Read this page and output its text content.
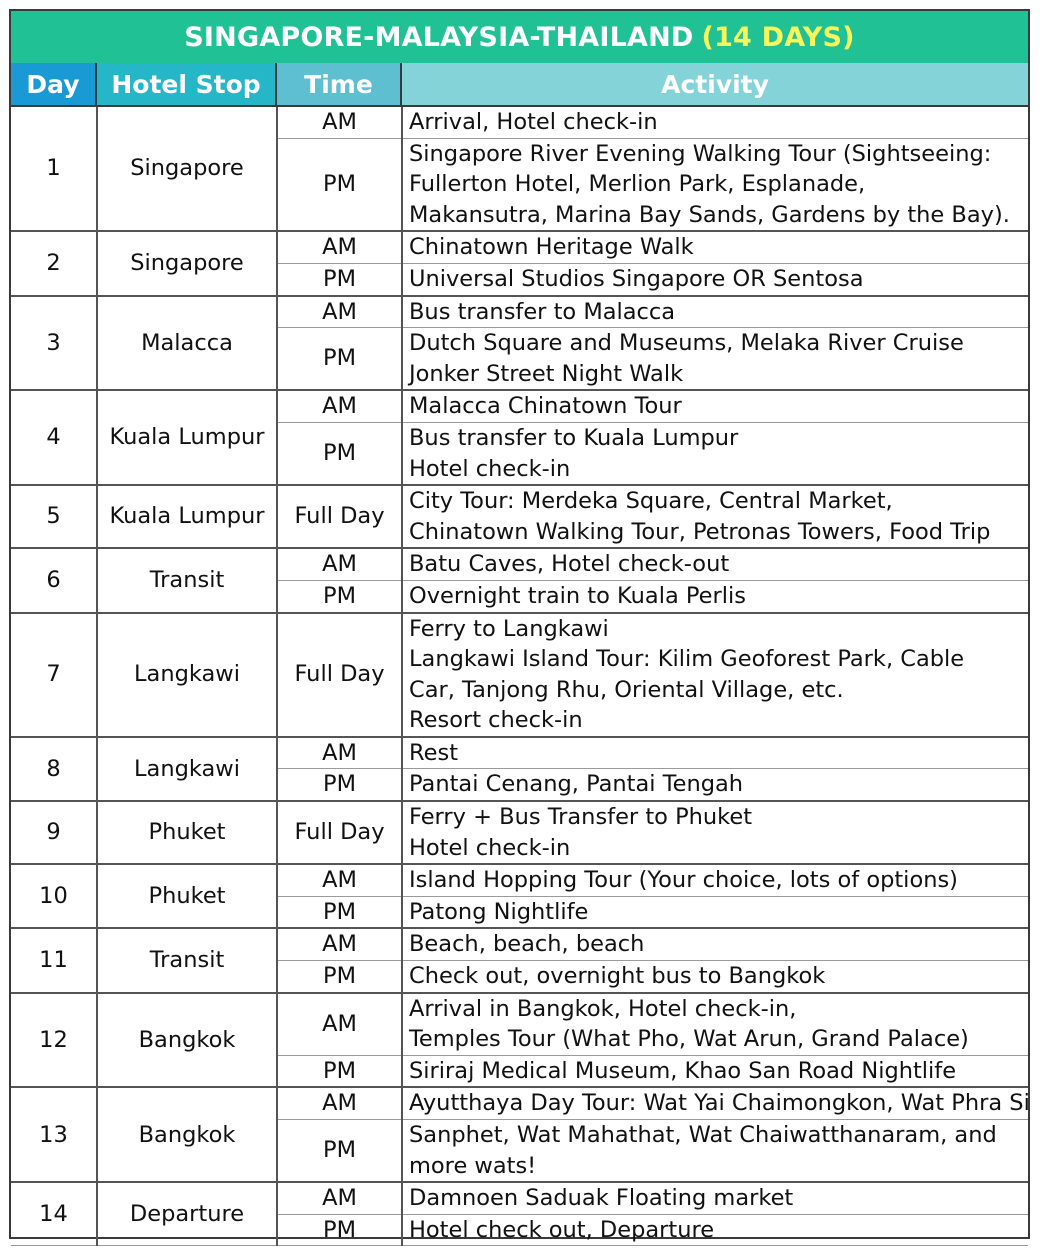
SINGAPORE-MALAYSIA-THAILAND (14 DAYS)
Day	Hotel Stop	Time	Activity
1	Singapore	AM	Arrival, Hotel check-in

		PM	Singapore River Evening Walking Tour (Sightseeing:
Fullerton Hotel, Merlion Park, Esplanade,
Makansutra, Marina Bay Sands, Gardens by the Bay).

2	Singapore	AM	Chinatown Heritage Walk

		PM	Universal Studios Singapore OR Sentosa

3	Malacca	AM	Bus transfer to Malacca

		PM	Dutch Square and Museums, Melaka River Cruise
Jonker Street Night Walk

4	Kuala Lumpur	AM	Malacca Chinatown Tour

		PM	Bus transfer to Kuala Lumpur
Hotel check-in

5	Kuala Lumpur	Full Day	City Tour: Merdeka Square, Central Market,
Chinatown Walking Tour, Petronas Towers, Food Trip

6	Transit	AM	Batu Caves, Hotel check-out

		PM	Overnight train to Kuala Perlis

7	Langkawi	Full Day	Ferry to Langkawi
Langkawi Island Tour: Kilim Geoforest Park, Cable
Car, Tanjong Rhu, Oriental Village, etc.
Resort check-in

8	Langkawi	AM	Rest

		PM	Pantai Cenang, Pantai Tengah

9	Phuket	Full Day	Ferry + Bus Transfer to Phuket
Hotel check-in

10	Phuket	AM	Island Hopping Tour (Your choice, lots of options)

		PM	Patong Nightlife

11	Transit	AM	Beach, beach, beach

		PM	Check out, overnight bus to Bangkok

12	Bangkok	AM	Arrival in Bangkok, Hotel check-in,
Temples Tour (What Pho, Wat Arun, Grand Palace)

		PM	Siriraj Medical Museum, Khao San Road Nightlife

13	Bangkok	AM	Ayutthaya Day Tour: Wat Yai Chaimongkon, Wat Phra Si

		PM	Sanphet, Wat Mahathat, Wat Chaiwatthanaram, and
more wats!

14	Departure	AM	Damnoen Saduak Floating market

		PM	Hotel check out, Departure
